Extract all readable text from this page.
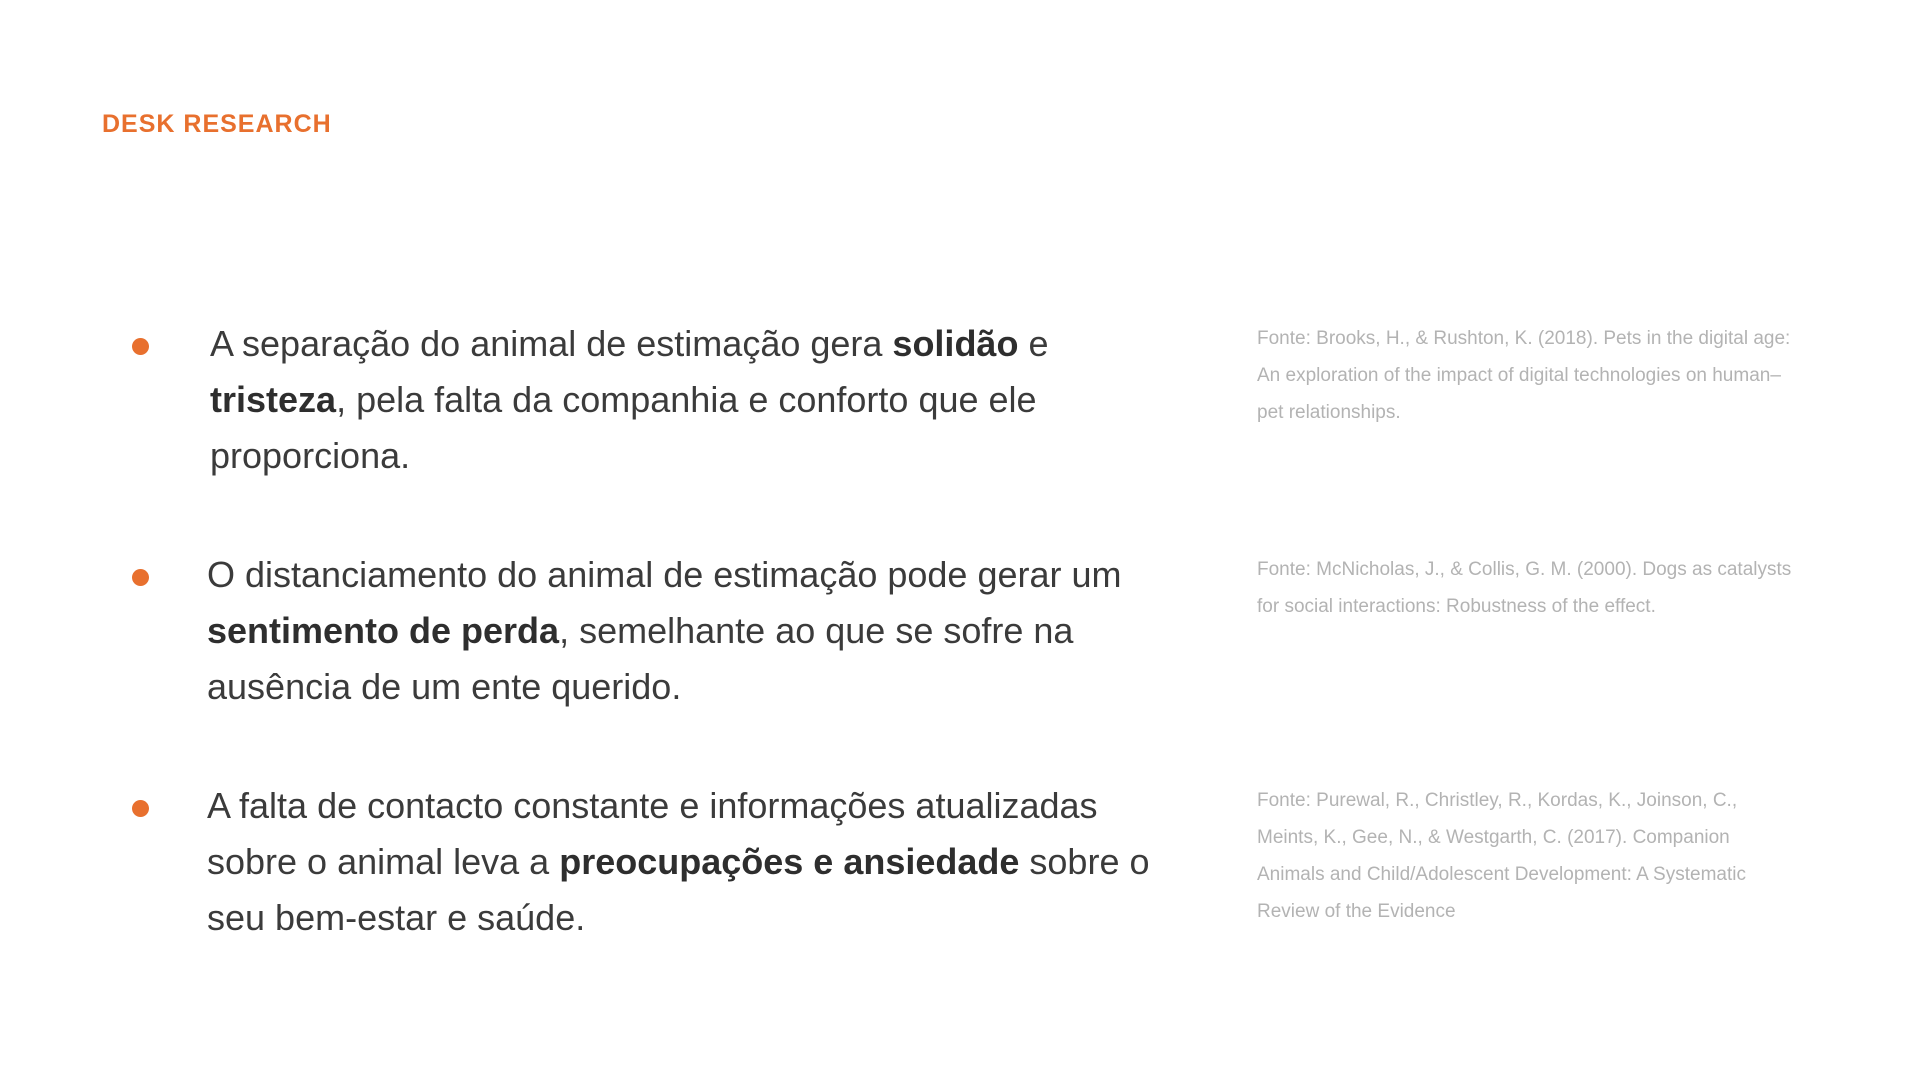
DESK RESEARCH

A separação do animal de estimação gera solidão e tristeza, pela falta da companhia e conforto que ele proporciona.

Fonte: Brooks, H., & Rushton, K. (2018). Pets in the digital age: An exploration of the impact of digital technologies on human–pet relationships.

O distanciamento do animal de estimação pode gerar um sentimento de perda, semelhante ao que se sofre na ausência de um ente querido.

Fonte: McNicholas, J., & Collis, G. M. (2000). Dogs as catalysts for social interactions: Robustness of the effect.

A falta de contacto constante e informações atualizadas sobre o animal leva a preocupações e ansiedade sobre o seu bem-estar e saúde.

Fonte: Purewal, R., Christley, R., Kordas, K., Joinson, C., Meints, K., Gee, N., & Westgarth, C. (2017). Companion Animals and Child/Adolescent Development: A Systematic Review of the Evidence
